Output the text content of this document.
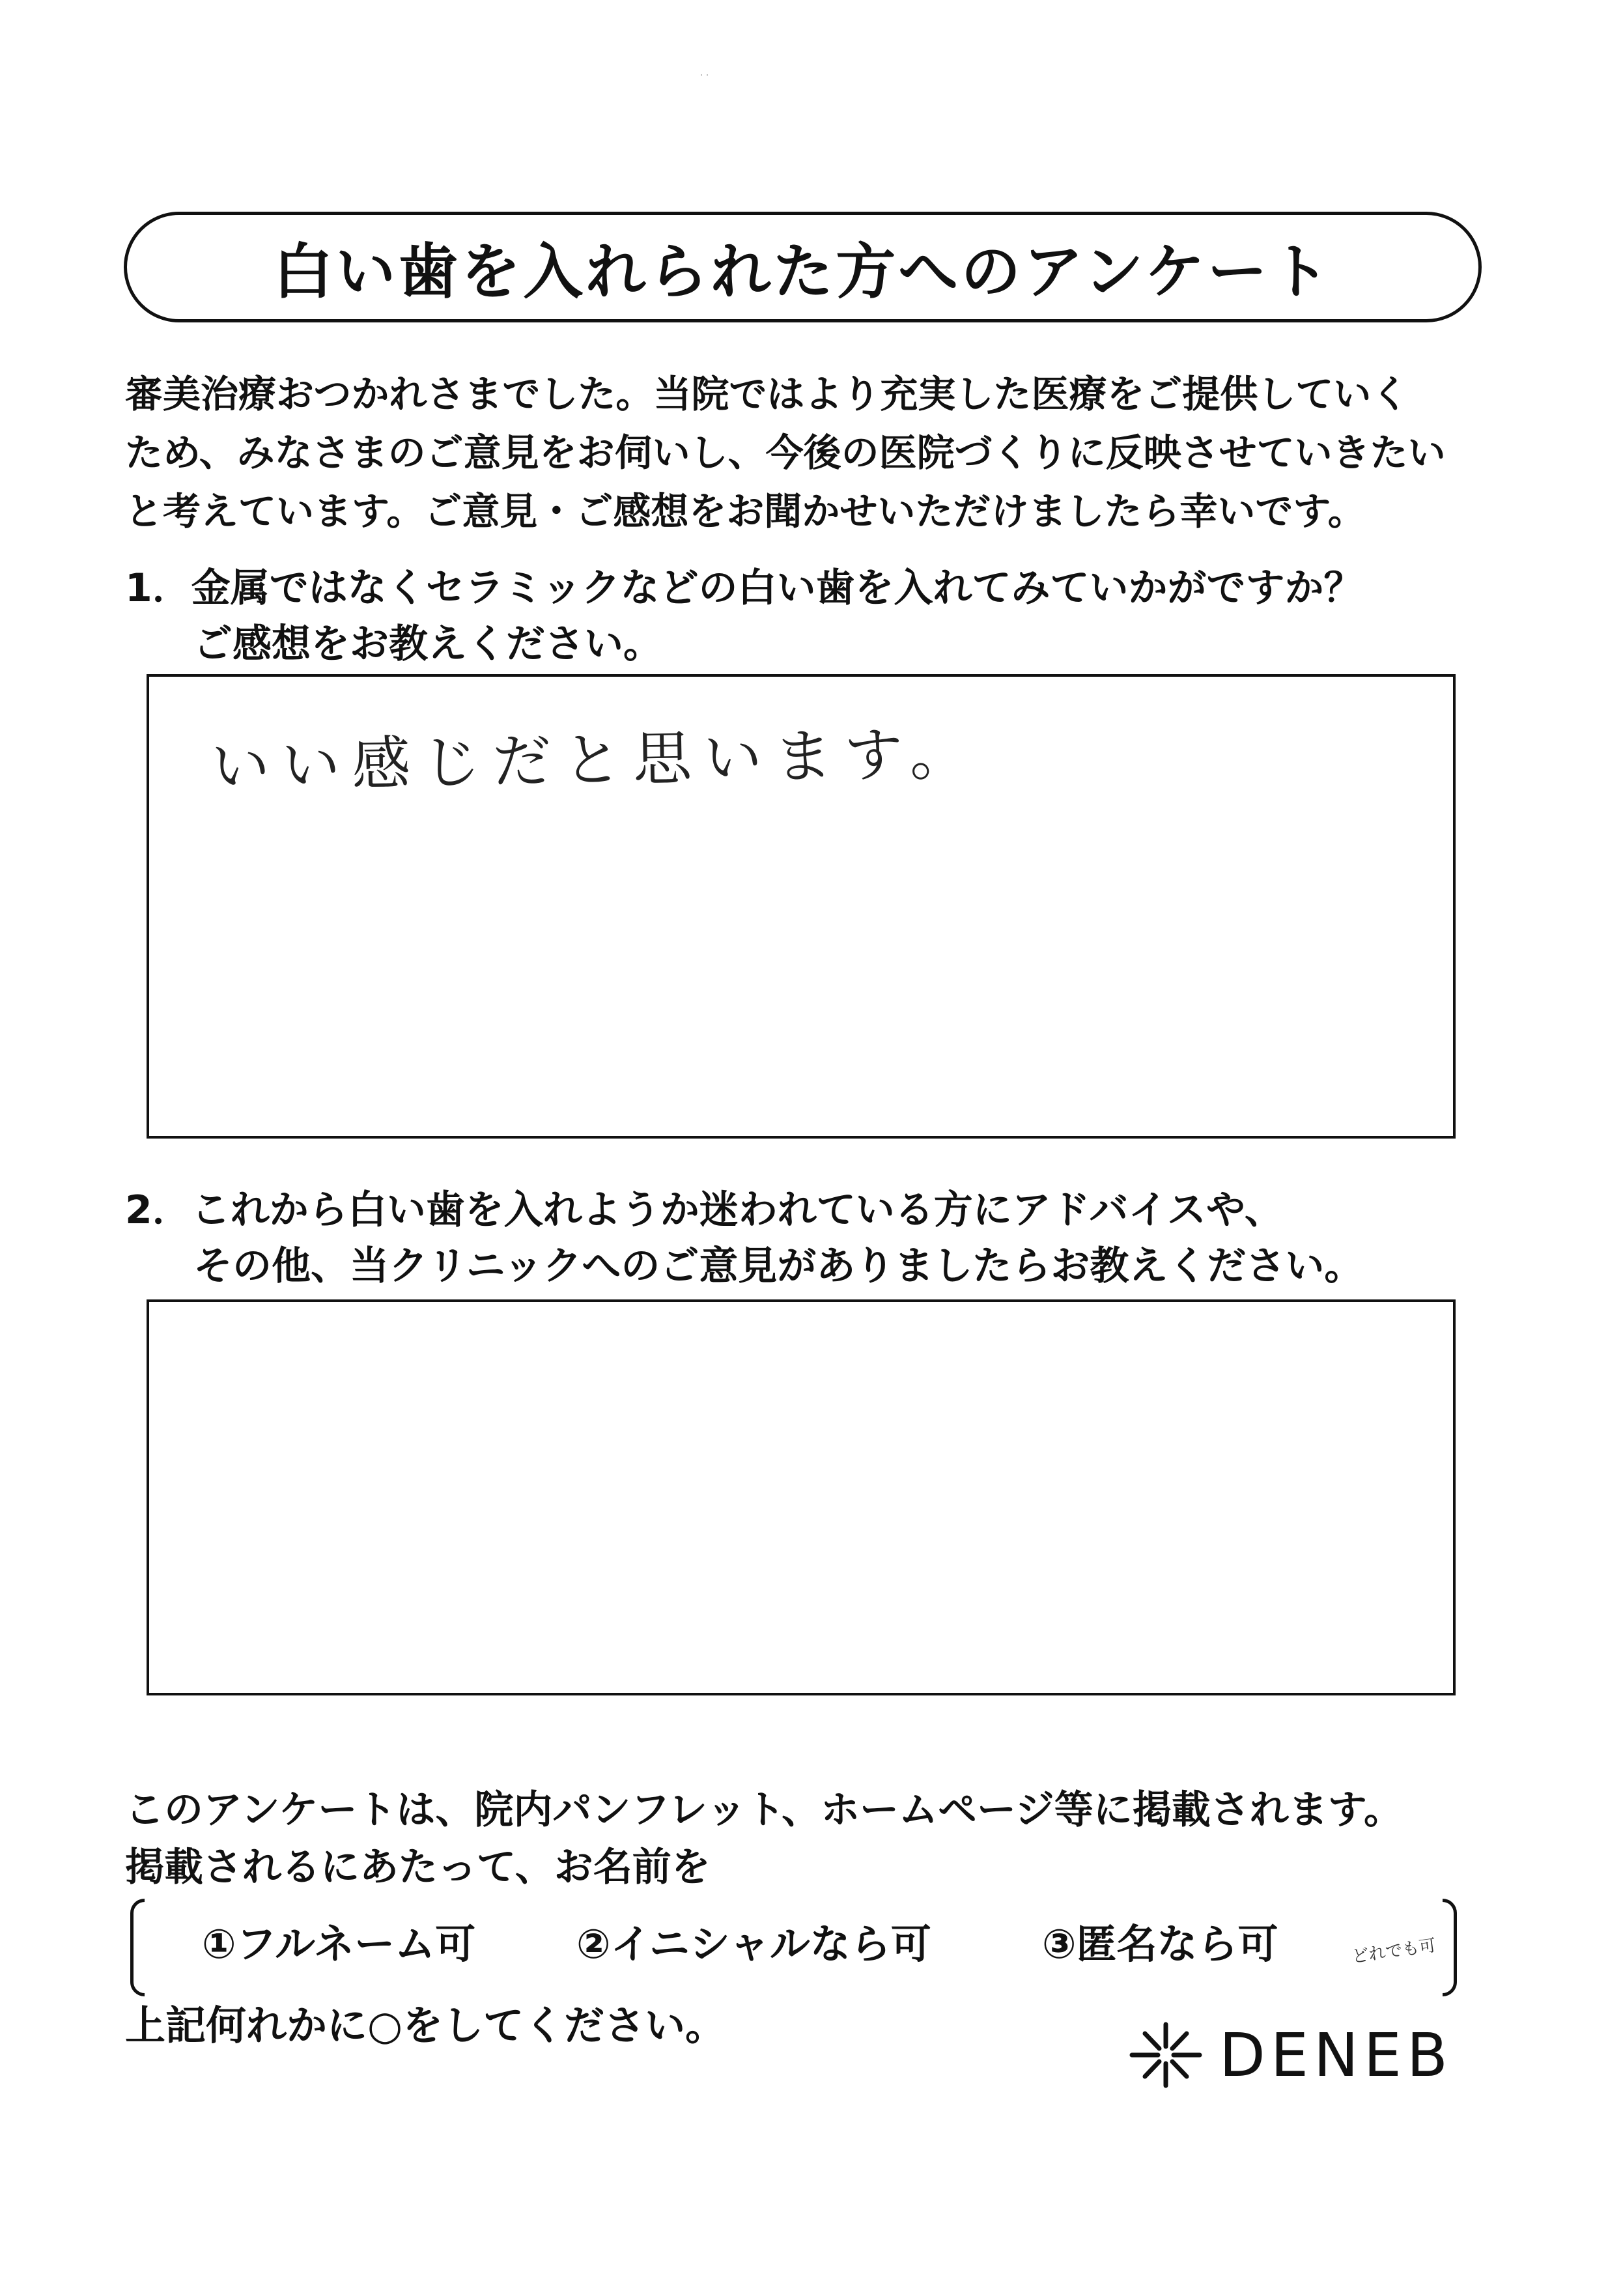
· ·
白い歯を入れられた方へのアンケート
審美治療おつかれさまでした。当院ではより充実した医療をご提供していく
ため、みなさまのご意見をお伺いし、今後の医院づくりに反映させていきたい
と考えています。ご意見・ご感想をお聞かせいただけましたら幸いです。
1．金属ではなくセラミックなどの白い歯を入れてみていかがですか？
ご感想をお教えください。
いい感じだと思います。
2．これから白い歯を入れようか迷われている方にアドバイスや、
その他、当クリニックへのご意見がありましたらお教えください。
このアンケートは、院内パンフレット、ホームページ等に掲載されます。
掲載されるにあたって、お名前を
①フルネーム可 ②イニシャルなら可	③匿名なら可	どれでも可
上記何れかに○をしてください。	DENEB
